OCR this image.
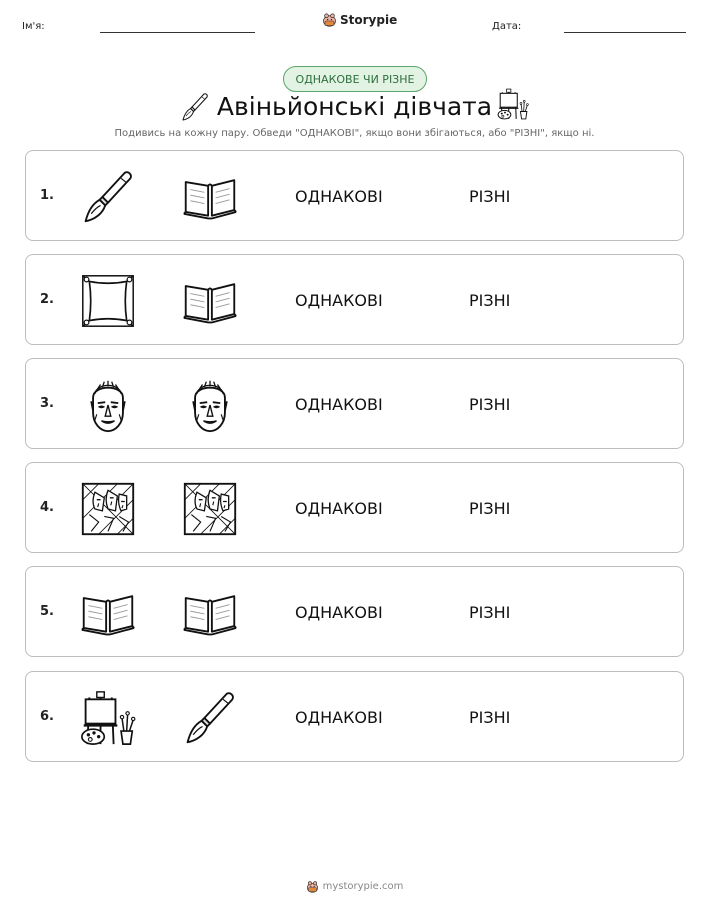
Ім'я:	Storypie	Дата:
ОДНАКОВЕ ЧИ РІЗНЕ
Авіньйонські дівчата
Подивись на кожну пару. Обведи "ОДНАКОВІ", якщо вони збігаються, або "РІЗНІ", якщо ні.
1.	ОДНАКОВІ	РІЗНІ
2.	ОДНАКОВІ	РІЗНІ
3.	ОДНАКОВІ	РІЗНІ
4.	ОДНАКОВІ	РІЗНІ
5.	ОДНАКОВІ	РІЗНІ
6.	ОДНАКОВІ	РІЗНІ
mystorypie.com
